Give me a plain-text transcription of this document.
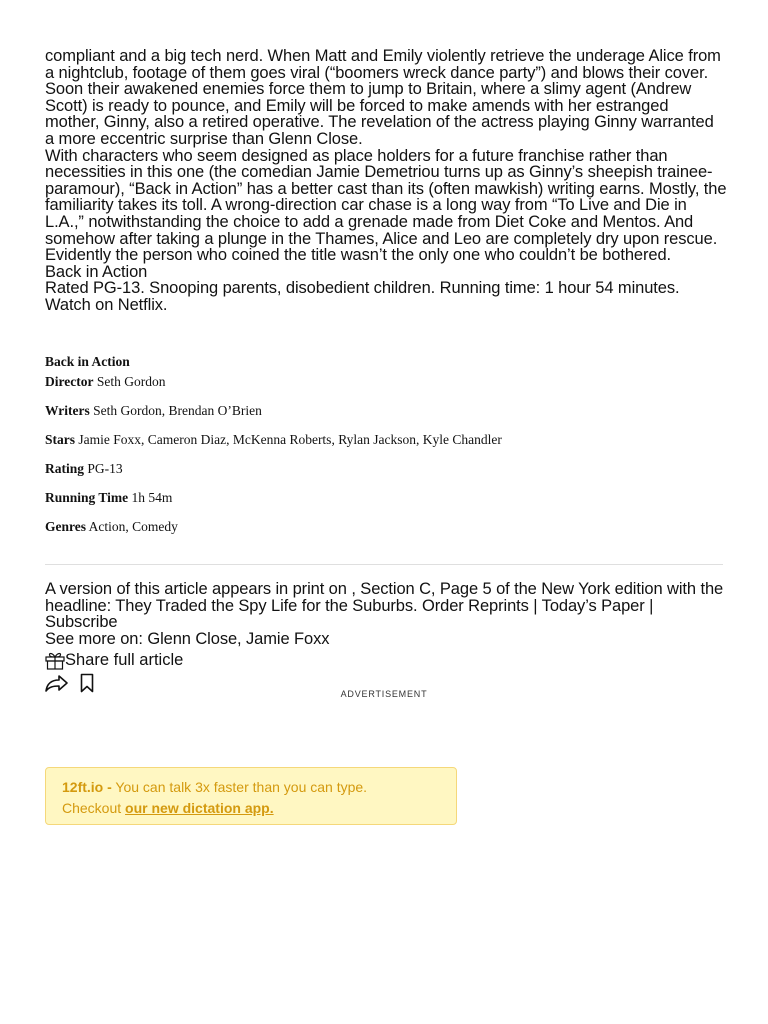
compliant and a big tech nerd. When Matt and Emily violently retrieve the underage Alice from a nightclub, footage of them goes viral (“boomers wreck dance party”) and blows their cover. Soon their awakened enemies force them to jump to Britain, where a slimy agent (Andrew Scott) is ready to pounce, and Emily will be forced to make amends with her estranged mother, Ginny, also a retired operative. The revelation of the actress playing Ginny warranted a more eccentric surprise than Glenn Close.

With characters who seem designed as place holders for a future franchise rather than necessities in this one (the comedian Jamie Demetriou turns up as Ginny’s sheepish trainee-paramour), “Back in Action” has a better cast than its (often mawkish) writing earns. Mostly, the familiarity takes its toll. A wrong-direction car chase is a long way from “To Live and Die in L.A.,” notwithstanding the choice to add a grenade made from Diet Coke and Mentos. And somehow after taking a plunge in the Thames, Alice and Leo are completely dry upon rescue. Evidently the person who coined the title wasn’t the only one who couldn’t be bothered.

Back in Action

Rated PG-13. Snooping parents, disobedient children. Running time: 1 hour 54 minutes. Watch on Netflix.

Back in Action
Director Seth Gordon
Writers Seth Gordon, Brendan O’Brien
Stars Jamie Foxx, Cameron Diaz, McKenna Roberts, Rylan Jackson, Kyle Chandler
Rating PG-13
Running Time 1h 54m
Genres Action, Comedy

A version of this article appears in print on , Section C, Page 5 of the New York edition with the headline: They Traded the Spy Life for the Suburbs. Order Reprints | Today’s Paper | Subscribe

See more on: Glenn Close, Jamie Foxx

Share full article
ADVERTISEMENT
12ft.io - You can talk 3x faster than you can type.
Checkout our new dictation app.
